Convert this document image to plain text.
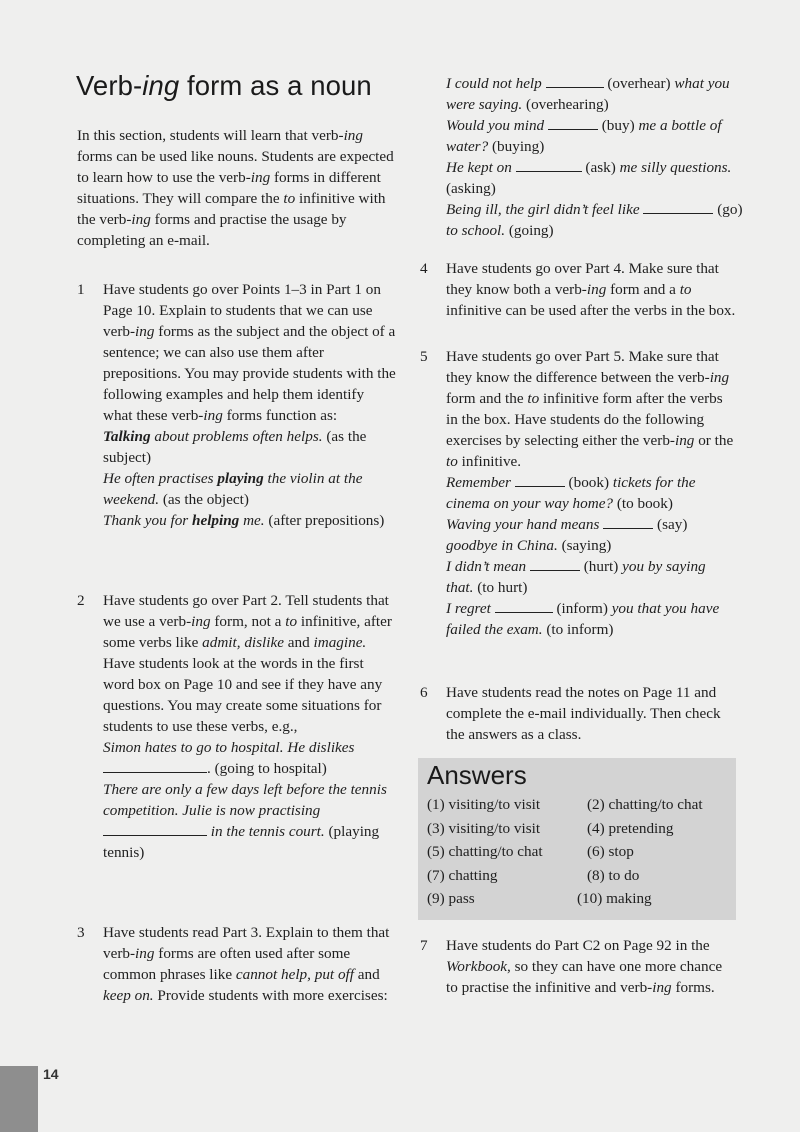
Verb-ing form as a noun

In this section, students will learn that verb-ing forms can be used like nouns. Students are expected to learn how to use the verb-ing forms in different situations. They will compare the to infinitive with the verb-ing forms and practise the usage by completing an e-mail.

1 Have students go over Points 1–3 in Part 1 on Page 10. Explain to students that we can use verb-ing forms as the subject and the object of a sentence; we can also use them after prepositions. You may provide students with the following examples and help them identify what these verb-ing forms function as:

Talking about problems often helps. (as the subject)

He often practises playing the violin at the weekend. (as the object)

Thank you for helping me. (after prepositions)

2 Have students go over Part 2. Tell students that we use a verb-ing form, not a to infinitive, after some verbs like admit, dislike and imagine. Have students look at the words in the first word box on Page 10 and see if they have any questions. You may create some situations for students to use these verbs, e.g.,

Simon hates to go to hospital. He dislikes . (going to hospital)

There are only a few days left before the tennis competition. Julie is now practising  in the tennis court. (playing tennis)

3 Have students read Part 3. Explain to them that verb-ing forms are often used after some common phrases like cannot help, put off and keep on. Provide students with more exercises:

I could not help	(overhear) what you were saying. (overhearing)

Would you mind	(buy) me a bottle of water? (buying)

He kept on	(ask) me silly questions. (asking)

Being ill, the girl didn’t feel like	(go) to school. (going)

4 Have students go over Part 4. Make sure that they know both a verb-ing form and a to infinitive can be used after the verbs in the box.

5 Have students go over Part 5. Make sure that they know the difference between the verb-ing form and the to infinitive form after the verbs in the box. Have students do the following exercises by selecting either the verb-ing or the to infinitive.

Remember	(book) tickets for the cinema on your way home? (to book)

Waving your hand means	(say) goodbye in China. (saying)

I didn’t mean	(hurt) you by saying that. (to hurt)

I regret	(inform) you that you have failed the exam. (to inform)

6 Have students read the notes on Page 11 and complete the e-mail individually. Then check the answers as a class.

7 Have students do Part C2 on Page 92 in the Workbook, so they can have one more chance to practise the infinitive and verb-ing forms.

Answers
(1) visiting/to visit	(2) chatting/to chat
(3) visiting/to visit	(4) pretending
(5) chatting/to chat	(6) stop
(7) chatting	(8) to do
(9) pass	(10) making
14
